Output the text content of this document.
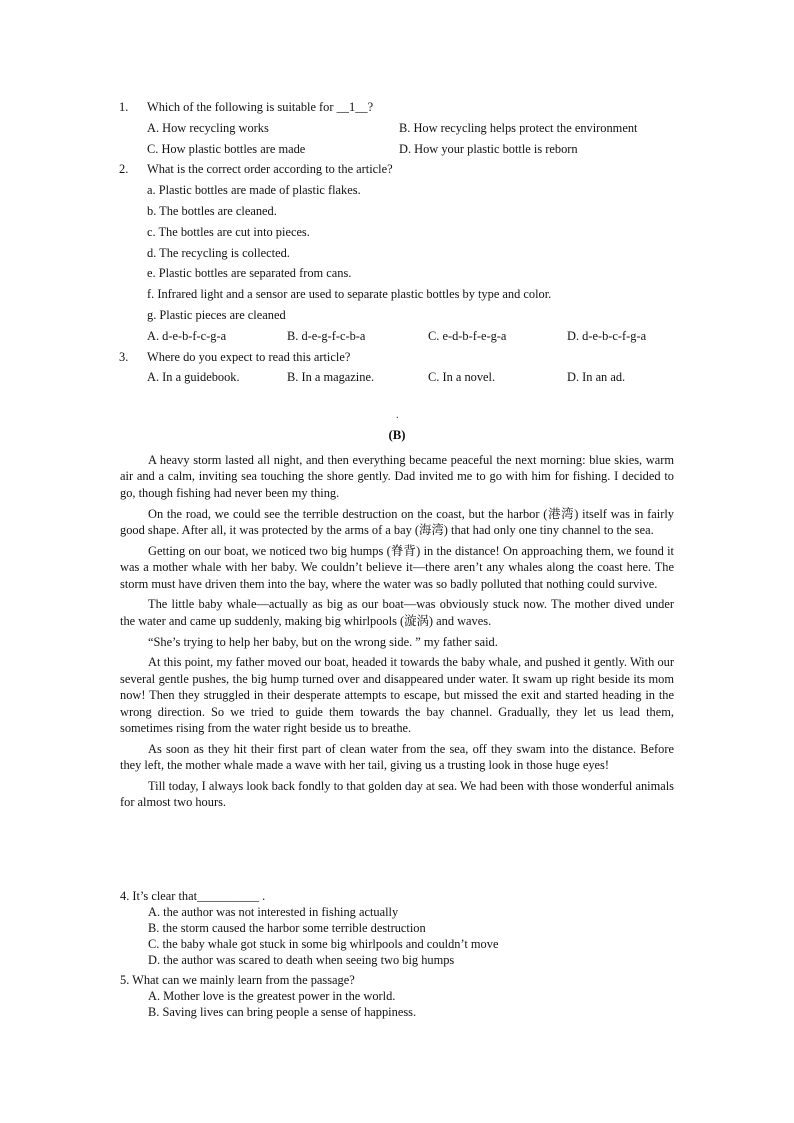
1. Which of the following is suitable for __1__?
A. How recycling works	B. How recycling helps protect the environment
C. How plastic bottles are made	D. How your plastic bottle is reborn
2. What is the correct order according to the article?
a. Plastic bottles are made of plastic flakes.
b. The bottles are cleaned.
c. The bottles are cut into pieces.
d. The recycling is collected.
e. Plastic bottles are separated from cans.
f. Infrared light and a sensor are used to separate plastic bottles by type and color.
g. Plastic pieces are cleaned
A. d-e-b-f-c-g-a	B. d-e-g-f-c-b-a	C. e-d-b-f-e-g-a	D. d-e-b-c-f-g-a
3. Where do you expect to read this article?
A. In a guidebook.	B. In a magazine.	C. In a novel.	D. In an ad.
.
(B)

A heavy storm lasted all night, and then everything became peaceful the next morning: blue skies, warm air and a calm, inviting sea touching the shore gently. Dad invited me to go with him for fishing. I decided to go, though fishing had never been my thing.

On the road, we could see the terrible destruction on the coast, but the harbor (港湾) itself was in fairly good shape. After all, it was protected by the arms of a bay (海湾) that had only one tiny channel to the sea.

Getting on our boat, we noticed two big humps (脊背) in the distance! On approaching them, we found it was a mother whale with her baby. We couldn’t believe it—there aren’t any whales along the coast here. The storm must have driven them into the bay, where the water was so badly polluted that nothing could survive.

The little baby whale—actually as big as our boat—was obviously stuck now. The mother dived under the water and came up suddenly, making big whirlpools (漩涡) and waves.

“She’s trying to help her baby, but on the wrong side. ” my father said.

At this point, my father moved our boat, headed it towards the baby whale, and pushed it gently. With our several gentle pushes, the big hump turned over and disappeared under water. It swam up right beside its mom now! Then they struggled in their desperate attempts to escape, but missed the exit and started heading in the wrong direction. So we tried to guide them towards the bay channel. Gradually, they let us lead them, sometimes rising from the water right beside us to breathe.

As soon as they hit their first part of clean water from the sea, off they swam into the distance. Before they left, the mother whale made a wave with her tail, giving us a trusting look in those huge eyes!

Till today, I always look back fondly to that golden day at sea. We had been with those wonderful animals for almost two hours.

4. It’s clear that__________ .
A. the author was not interested in fishing actually
B. the storm caused the harbor some terrible destruction
C. the baby whale got stuck in some big whirlpools and couldn’t move
D. the author was scared to death when seeing two big humps
5. What can we mainly learn from the passage?
A. Mother love is the greatest power in the world.
B. Saving lives can bring people a sense of happiness.
